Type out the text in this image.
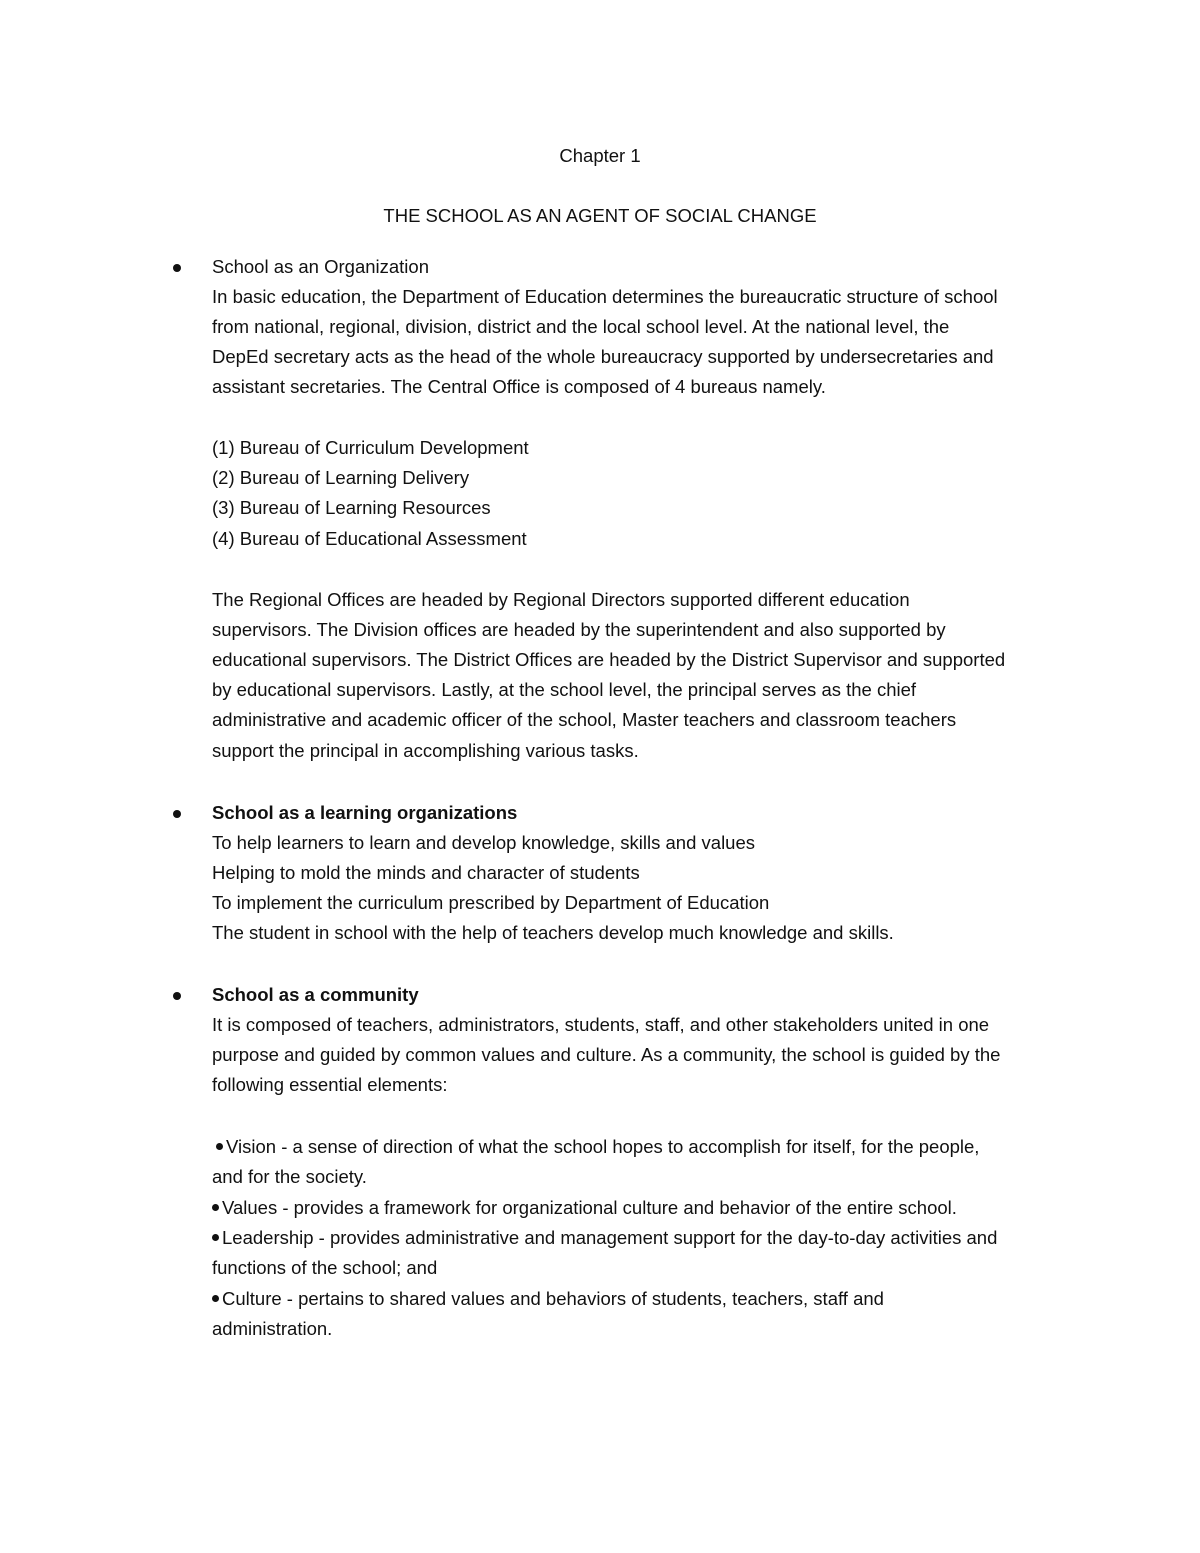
Chapter 1
THE SCHOOL AS AN AGENT OF SOCIAL CHANGE
School as an Organization
In basic education, the Department of Education determines the bureaucratic structure of school
from national, regional, division, district and the local school level. At the national level, the
DepEd secretary acts as the head of the whole bureaucracy supported by undersecretaries and
assistant secretaries. The Central Office is composed of 4 bureaus namely.
(1) Bureau of Curriculum Development
(2) Bureau of Learning Delivery
(3) Bureau of Learning Resources
(4) Bureau of Educational Assessment
The Regional Offices are headed by Regional Directors supported different education
supervisors. The Division offices are headed by the superintendent and also supported by
educational supervisors. The District Offices are headed by the District Supervisor and supported
by educational supervisors. Lastly, at the school level, the principal serves as the chief
administrative and academic officer of the school, Master teachers and classroom teachers
support the principal in accomplishing various tasks.
School as a learning organizations
To help learners to learn and develop knowledge, skills and values
Helping to mold the minds and character of students
To implement the curriculum prescribed by Department of Education
The student in school with the help of teachers develop much knowledge and skills.
School as a community
It is composed of teachers, administrators, students, staff, and other stakeholders united in one
purpose and guided by common values and culture. As a community, the school is guided by the
following essential elements:
Vision - a sense of direction of what the school hopes to accomplish for itself, for the people,
and for the society.
Values - provides a framework for organizational culture and behavior of the entire school.
Leadership - provides administrative and management support for the day-to-day activities and
functions of the school; and
Culture - pertains to shared values and behaviors of students, teachers, staff and
administration.
